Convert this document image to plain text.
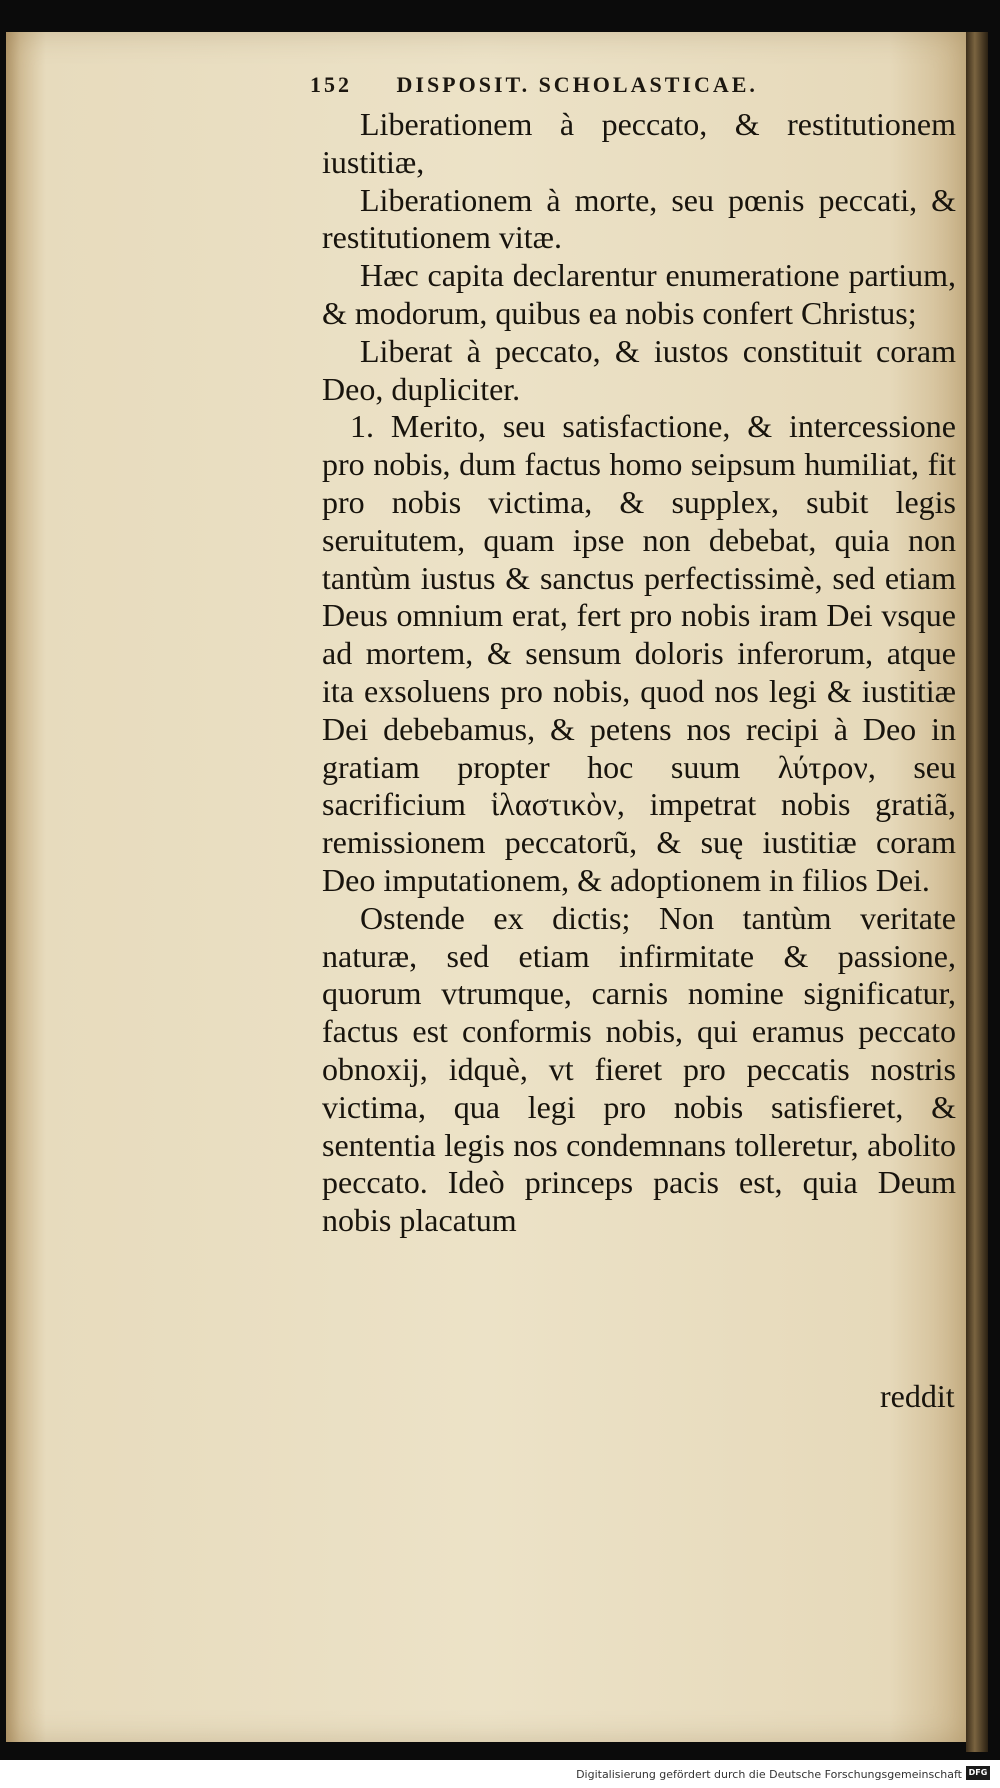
152 DISPOSIT. SCHOLASTICAE.

Liberationem à peccato, & restitutionem iustitiæ,

Liberationem à morte, seu pœnis peccati, & restitutionem vitæ.

Hæc capita declarentur enumeratione partium, & modorum, quibus ea nobis confert Christus;

Liberat à peccato, & iustos constituit coram Deo, dupliciter.

1. Merito, seu satisfactione, & intercessione pro nobis, dum factus homo seipsum humiliat, fit pro nobis victima, & supplex, subit legis seruitutem, quam ipse non debebat, quia non tantùm iustus & sanctus perfectissimè, sed etiam Deus omnium erat, fert pro nobis iram Dei vsque ad mortem, & sensum doloris inferorum, atque ita exsoluens pro nobis, quod nos legi & iustitiæ Dei debebamus, & petens nos recipi à Deo in gratiam propter hoc suum λύτρον, seu sacrificium ἱλαστικὸν, impetrat nobis gratiã, remissionem peccatorũ, & suę iustitiæ coram Deo imputationem, & adoptionem in filios Dei.

Ostende ex dictis; Non tantùm veritate naturæ, sed etiam infirmitate & passione, quorum vtrumque, carnis nomine significatur, factus est conformis nobis, qui eramus peccato obnoxij, idquè, vt fieret pro peccatis nostris victima, qua legi pro nobis satisfieret, & sententia legis nos condemnans tolleretur, abolito peccato. Ideò princeps pacis est, quia Deum nobis placatum

reddit
Digitalisierung gefördert durch die Deutsche Forschungsgemeinschaft DFG
